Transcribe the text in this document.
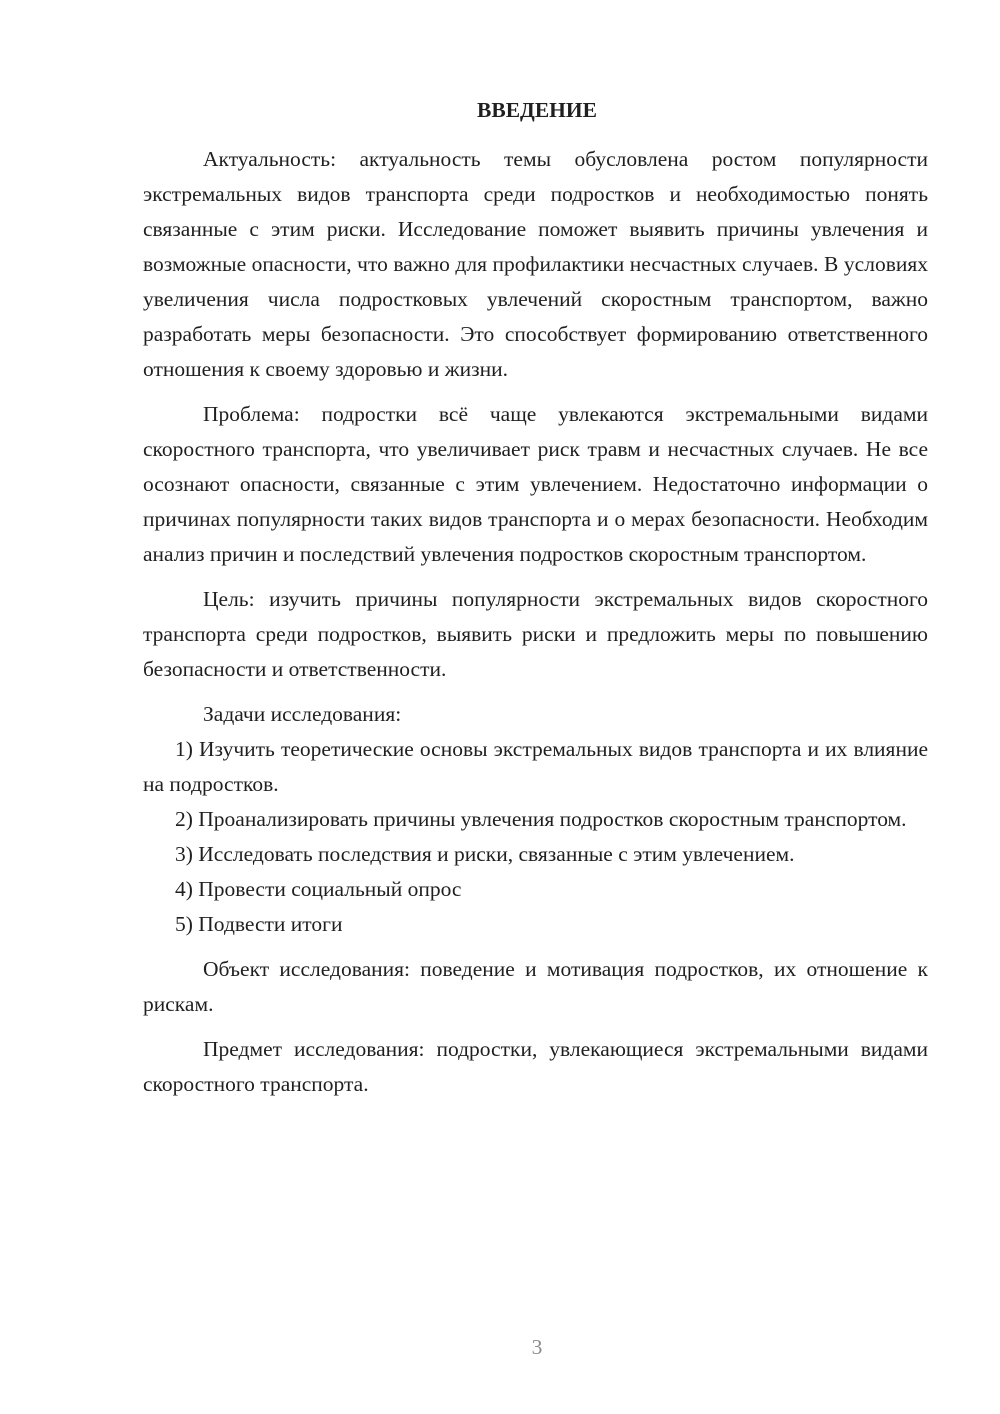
ВВЕДЕНИЕ

Актуальность: актуальность темы обусловлена ростом популярности экстремальных видов транспорта среди подростков и необходимостью понять связанные с этим риски. Исследование поможет выявить причины увлечения и возможные опасности, что важно для профилактики несчастных случаев. В условиях увеличения числа подростковых увлечений скоростным транспортом, важно разработать меры безопасности. Это способствует формированию ответственного отношения к своему здоровью и жизни.

Проблема: подростки всё чаще увлекаются экстремальными видами скоростного транспорта, что увеличивает риск травм и несчастных случаев. Не все осознают опасности, связанные с этим увлечением. Недостаточно информации о причинах популярности таких видов транспорта и о мерах безопасности. Необходим анализ причин и последствий увлечения подростков скоростным транспортом.

Цель: изучить причины популярности экстремальных видов скоростного транспорта среди подростков, выявить риски и предложить меры по повышению безопасности и ответственности.

Задачи исследования:

1) Изучить теоретические основы экстремальных видов транспорта и их влияние на подростков.

2) Проанализировать причины увлечения подростков скоростным транспортом.

3) Исследовать последствия и риски, связанные с этим увлечением.

4) Провести социальный опрос

5) Подвести итоги

Объект исследования: поведение и мотивация подростков, их отношение к рискам.

Предмет исследования: подростки, увлекающиеся экстремальными видами скоростного транспорта.

3
